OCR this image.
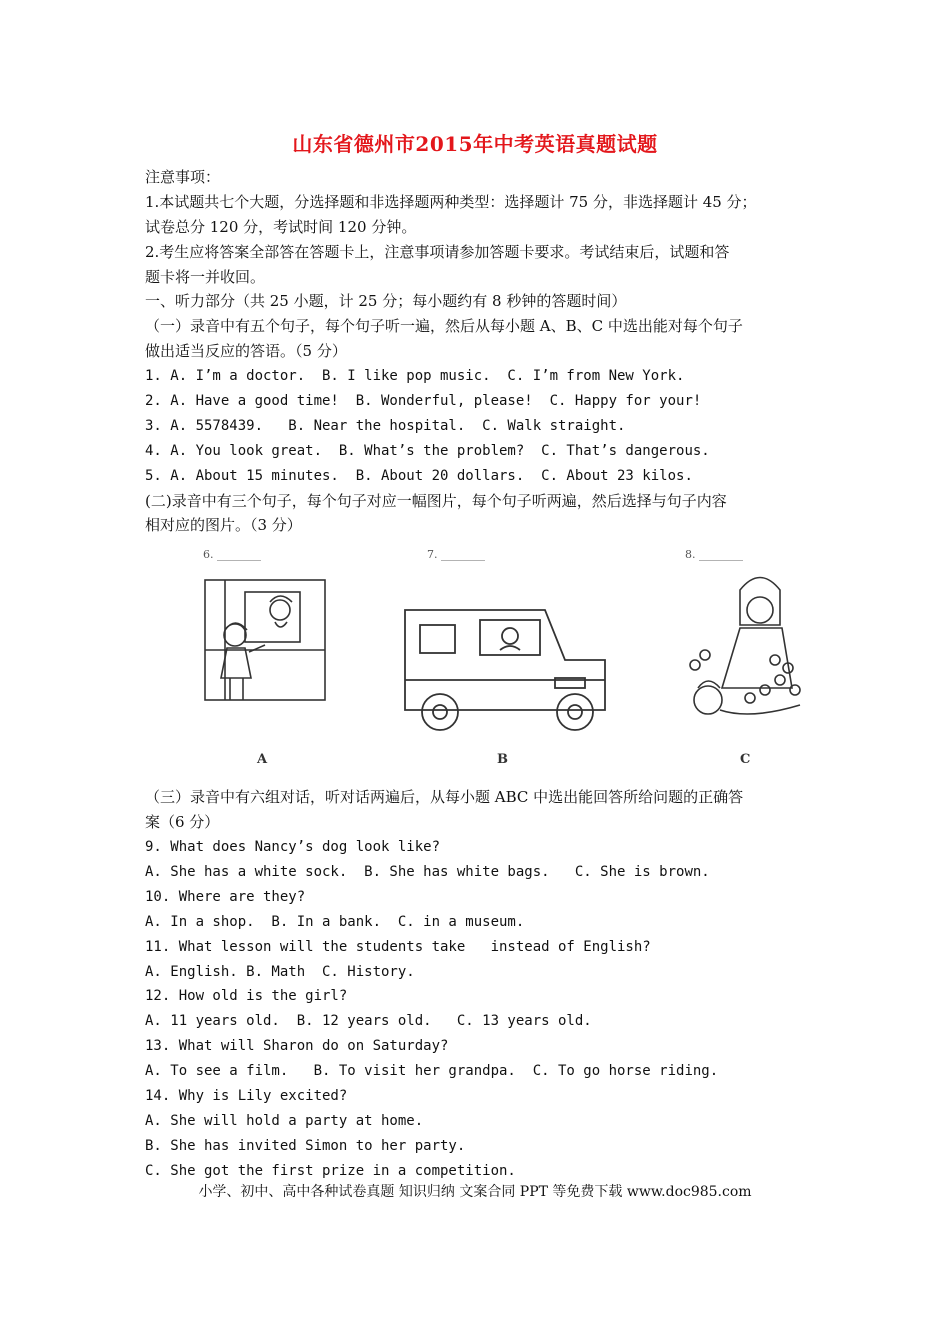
山东省德州市2015年中考英语真题试题
注意事项：
1.本试题共七个大题，分选择题和非选择题两种类型：选择题计 75 分，非选择题计 45 分；
试卷总分 120 分，考试时间 120 分钟。
2.考生应将答案全部答在答题卡上，注意事项请参加答题卡要求。考试结束后，试题和答
题卡将一并收回。
一、听力部分（共 25 小题，计 25 分；每小题约有 8 秒钟的答题时间）
（一）录音中有五个句子，每个句子听一遍，然后从每小题 A、B、C 中选出能对每个句子
做出适当反应的答语。（5 分）
1. A. I’m a doctor.  B. I like pop music.  C. I’m from New York.
2. A. Have a good time!  B. Wonderful, please!  C. Happy for your!
3. A. 5578439.   B. Near the hospital.  C. Walk straight.
4. A. You look great.  B. What’s the problem?  C. That’s dangerous.
5. A. About 15 minutes.  B. About 20 dollars.  C. About 23 kilos.
(二)录音中有三个句子，每个句子对应一幅图片，每个句子听两遍，然后选择与句子内容
相对应的图片。（3 分）
6. ________
A
7. ________
B
8. ________
C
（三）录音中有六组对话，听对话两遍后，从每小题 ABC 中选出能回答所给问题的正确答
案（6 分）
9. What does Nancy’s dog look like?
A. She has a white sock.  B. She has white bags.   C. She is brown.
10. Where are they?
A. In a shop.  B. In a bank.  C. in a museum.
11. What lesson will the students take   instead of English?
A. English. B. Math  C. History.
12. How old is the girl?
A. 11 years old.  B. 12 years old.   C. 13 years old.
13. What will Sharon do on Saturday?
A. To see a film.   B. To visit her grandpa.  C. To go horse riding.
14. Why is Lily excited?
A. She will hold a party at home.
B. She has invited Simon to her party.
C. She got the first prize in a competition.
小学、初中、高中各种试卷真题 知识归纳 文案合同 PPT 等免费下载 www.doc985.com
